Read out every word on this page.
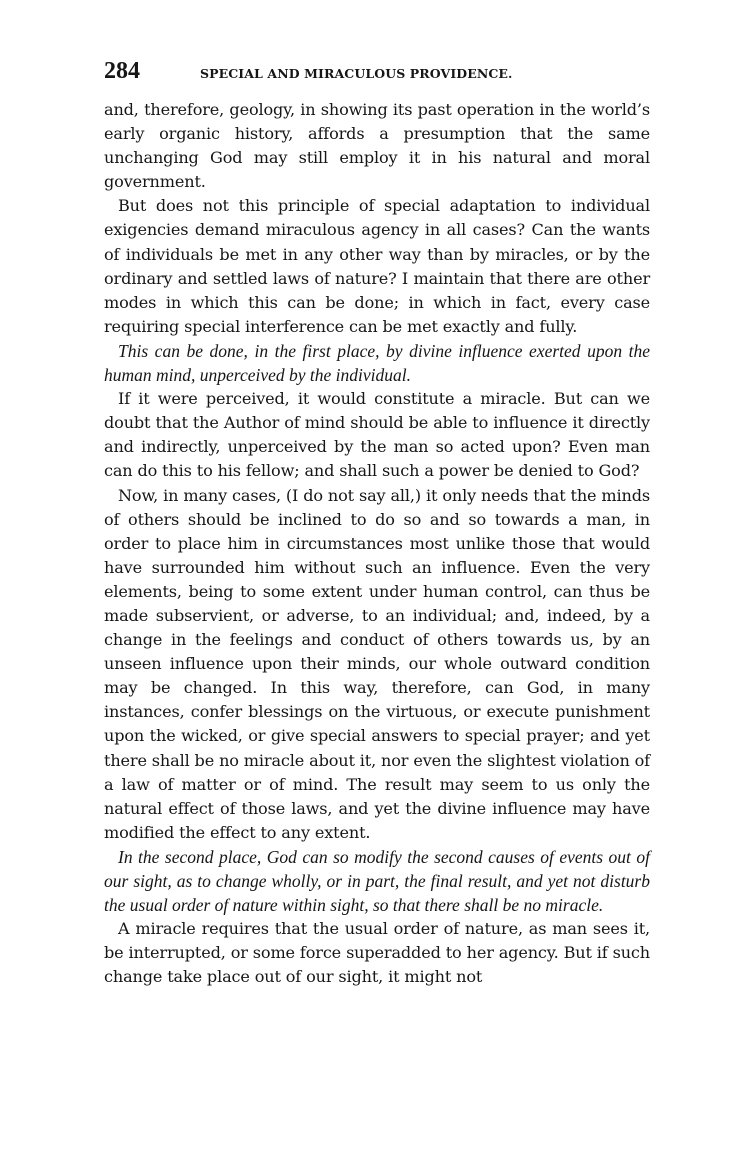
284	SPECIAL AND MIRACULOUS PROVIDENCE.

and, therefore, geology, in showing its past operation in the world’s early organic history, affords a presumption that the same unchanging God may still employ it in his natural and moral government.

But does not this principle of special adaptation to individual exigencies demand miraculous agency in all cases? Can the wants of individuals be met in any other way than by miracles, or by the ordinary and settled laws of nature? I maintain that there are other modes in which this can be done; in which in fact, every case requiring special interference can be met exactly and fully.

This can be done, in the first place, by divine influence exerted upon the human mind, unperceived by the individual.

If it were perceived, it would constitute a miracle. But can we doubt that the Author of mind should be able to influence it directly and indirectly, unperceived by the man so acted upon? Even man can do this to his fellow; and shall such a power be denied to God?

Now, in many cases, (I do not say all,) it only needs that the minds of others should be inclined to do so and so towards a man, in order to place him in circumstances most unlike those that would have surrounded him without such an influence. Even the very elements, being to some extent under human control, can thus be made subservient, or adverse, to an individual; and, indeed, by a change in the feelings and conduct of others towards us, by an unseen influence upon their minds, our whole outward condition may be changed. In this way, therefore, can God, in many instances, confer blessings on the virtuous, or execute punishment upon the wicked, or give special answers to special prayer; and yet there shall be no miracle about it, nor even the slightest violation of a law of matter or of mind. The result may seem to us only the natural effect of those laws, and yet the divine influence may have modified the effect to any extent.

In the second place, God can so modify the second causes of events out of our sight, as to change wholly, or in part, the final result, and yet not disturb the usual order of nature within sight, so that there shall be no miracle.

A miracle requires that the usual order of nature, as man sees it, be interrupted, or some force superadded to her agency. But if such change take place out of our sight, it might not
